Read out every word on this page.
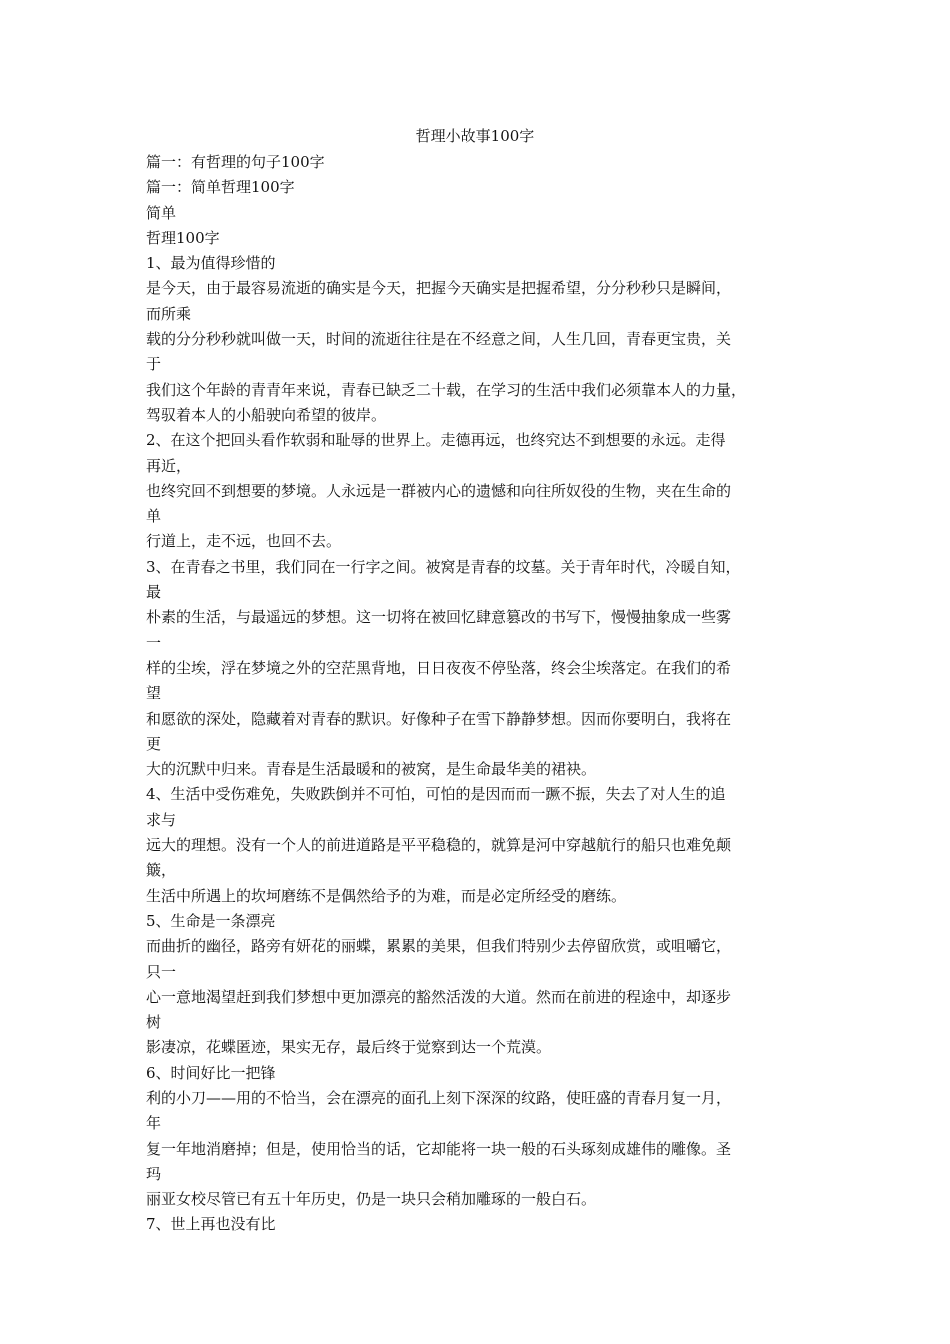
哲理小故事100字
篇一：有哲理的句子100字
篇一：简单哲理100字
简单
哲理100字
1、最为值得珍惜的
是今天，由于最容易流逝的确实是今天，把握今天确实是把握希望，分分秒秒只是瞬间，
而所乘
载的分分秒秒就叫做一天，时间的流逝往往是在不经意之间，人生几回，青春更宝贵，关
于
我们这个年龄的青青年来说，青春已缺乏二十载，在学习的生活中我们必须靠本人的力量，
驾驭着本人的小船驶向希望的彼岸。
2、在这个把回头看作软弱和耻辱的世界上。走德再远，也终究达不到想要的永远。走得
再近，
也终究回不到想要的梦境。人永远是一群被内心的遗憾和向往所奴役的生物，夹在生命的
单
行道上，走不远，也回不去。
3、在青春之书里，我们同在一行字之间。被窝是青春的坟墓。关于青年时代，冷暖自知，
最
朴素的生活，与最遥远的梦想。这一切将在被回忆肆意篡改的书写下，慢慢抽象成一些雾
一
样的尘埃，浮在梦境之外的空茫黑背地，日日夜夜不停坠落，终会尘埃落定。在我们的希
望
和愿欲的深处，隐藏着对青春的默识。好像种子在雪下静静梦想。因而你要明白，我将在
更
大的沉默中归来。青春是生活最暖和的被窝，是生命最华美的裙袂。
4、生活中受伤难免，失败跌倒并不可怕，可怕的是因而而一蹶不振，失去了对人生的追
求与
远大的理想。没有一个人的前进道路是平平稳稳的，就算是河中穿越航行的船只也难免颠
簸，
生活中所遇上的坎坷磨练不是偶然给予的为难，而是必定所经受的磨练。
5、生命是一条漂亮
而曲折的幽径，路旁有妍花的丽蝶，累累的美果，但我们特别少去停留欣赏，或咀嚼它，
只一
心一意地渴望赶到我们梦想中更加漂亮的豁然活泼的大道。然而在前进的程途中，却逐步
树
影凄凉，花蝶匿迹，果实无存，最后终于觉察到达一个荒漠。
6、时间好比一把锋
利的小刀——用的不恰当，会在漂亮的面孔上刻下深深的纹路，使旺盛的青春月复一月，
年
复一年地消磨掉；但是，使用恰当的话，它却能将一块一般的石头琢刻成雄伟的雕像。圣
玛
丽亚女校尽管已有五十年历史，仍是一块只会稍加雕琢的一般白石。
7、世上再也没有比
